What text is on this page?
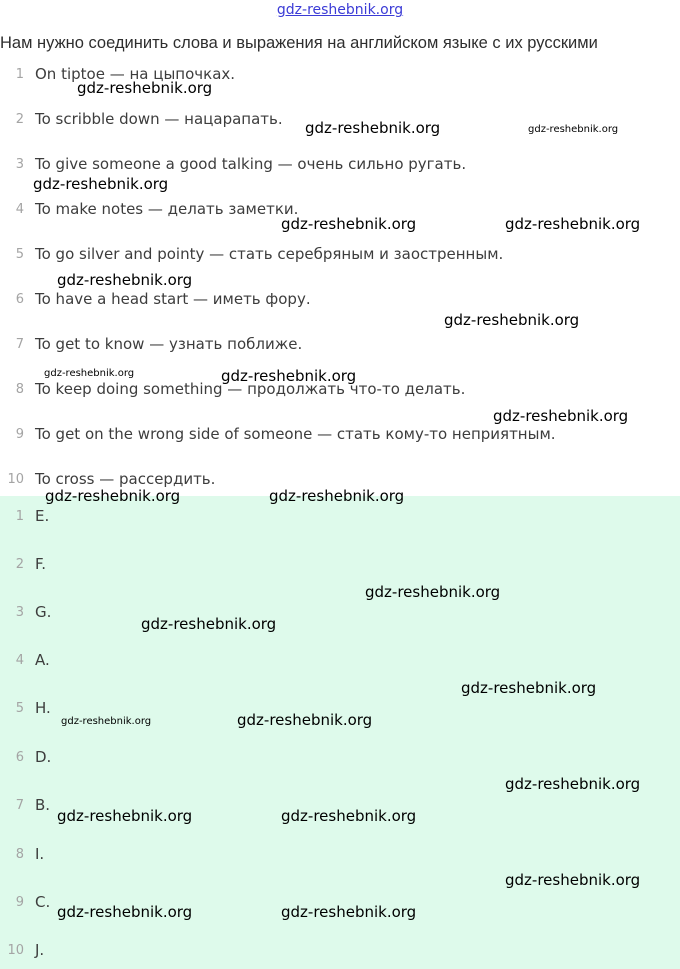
gdz-reshebnik.org
Нам нужно соединить слова и выражения на английском языке с их русскими
1 On tiptoe — на цыпочках.
2 To scribble down — нацарапать.
3 To give someone a good talking — очень сильно ругать.
4 To make notes — делать заметки.
5 To go silver and pointy — стать серебряным и заостренным.
6 To have a head start — иметь фору.
7 To get to know — узнать поближе.
8 To keep doing something — продолжать что-то делать.
9 To get on the wrong side of someone — стать кому-то неприятным.
10 To cross — рассердить.
1 E.
2 F.
3 G.
4 A.
5 H.
6 D.
7 B.
8 I.
9 C.
10 J.
gdz-reshebnik.org
gdz-reshebnik.org	gdz-reshebnik.org
gdz-reshebnik.org
gdz-reshebnik.org	gdz-reshebnik.org
gdz-reshebnik.org
gdz-reshebnik.org
gdz-reshebnik.org	gdz-reshebnik.org
gdz-reshebnik.org
gdz-reshebnik.org	gdz-reshebnik.org
gdz-reshebnik.org
gdz-reshebnik.org
gdz-reshebnik.org
gdz-reshebnik.org	gdz-reshebnik.org
gdz-reshebnik.org
gdz-reshebnik.org	gdz-reshebnik.org
gdz-reshebnik.org
gdz-reshebnik.org	gdz-reshebnik.org
